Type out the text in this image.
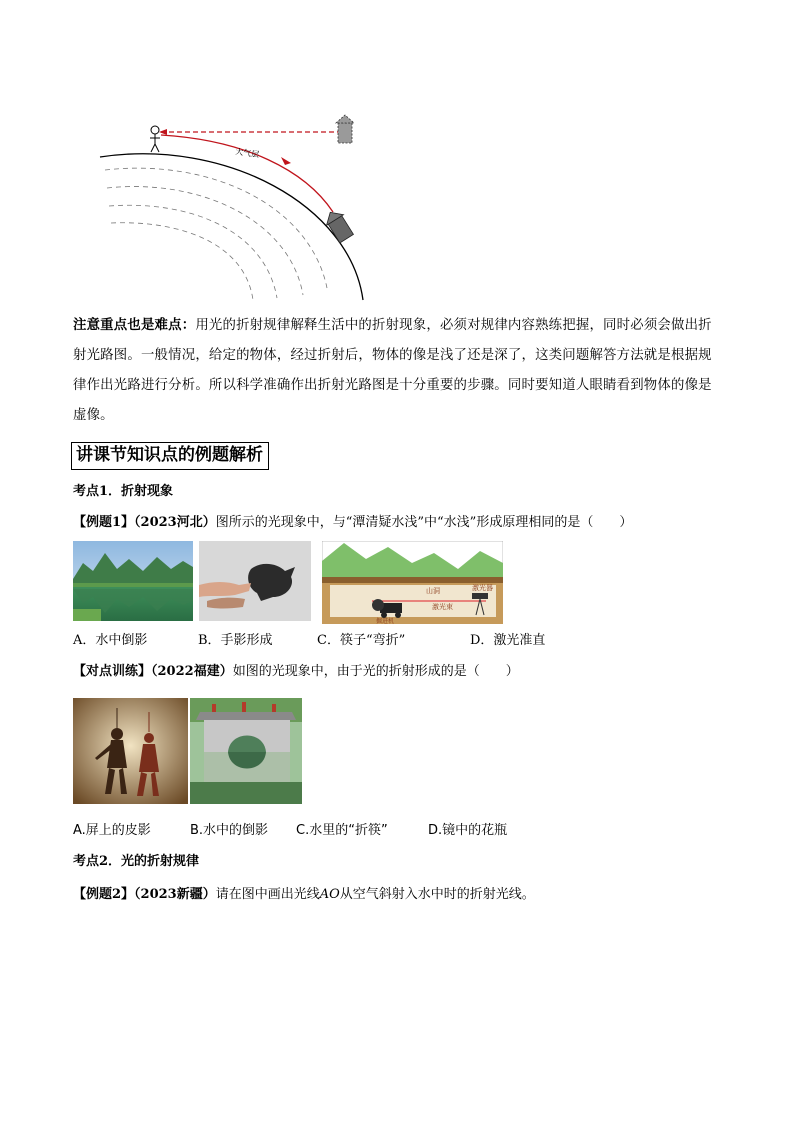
大气层
注意重点也是难点：用光的折射规律解释生活中的折射现象，必须对规律内容熟练把握，同时必须会做出折射光路图。一般情况，给定的物体，经过折射后，物体的像是浅了还是深了，这类问题解答方法就是根据规律作出光路进行分析。所以科学准确作出折射光路图是十分重要的步骤。同时要知道人眼睛看到物体的像是虚像。
讲课节知识点的例题解析
考点1．折射现象
【例题1】（2023河北）图所示的光现象中，与“潭清疑水浅”中“水浅”形成原理相同的是（　　）
山洞	激光器
激光束
掘进机
A．水中倒影	B．手影形成	C．筷子“弯折”	D．激光准直
【对点训练】（2022福建）如图的光现象中，由于光的折射形成的是（　　）
A.屏上的皮影	B.水中的倒影 C.水里的“折筷”	D.镜中的花瓶
考点2．光的折射规律
【例题2】（2023新疆）请在图中画出光线AO从空气斜射入水中时的折射光线。
